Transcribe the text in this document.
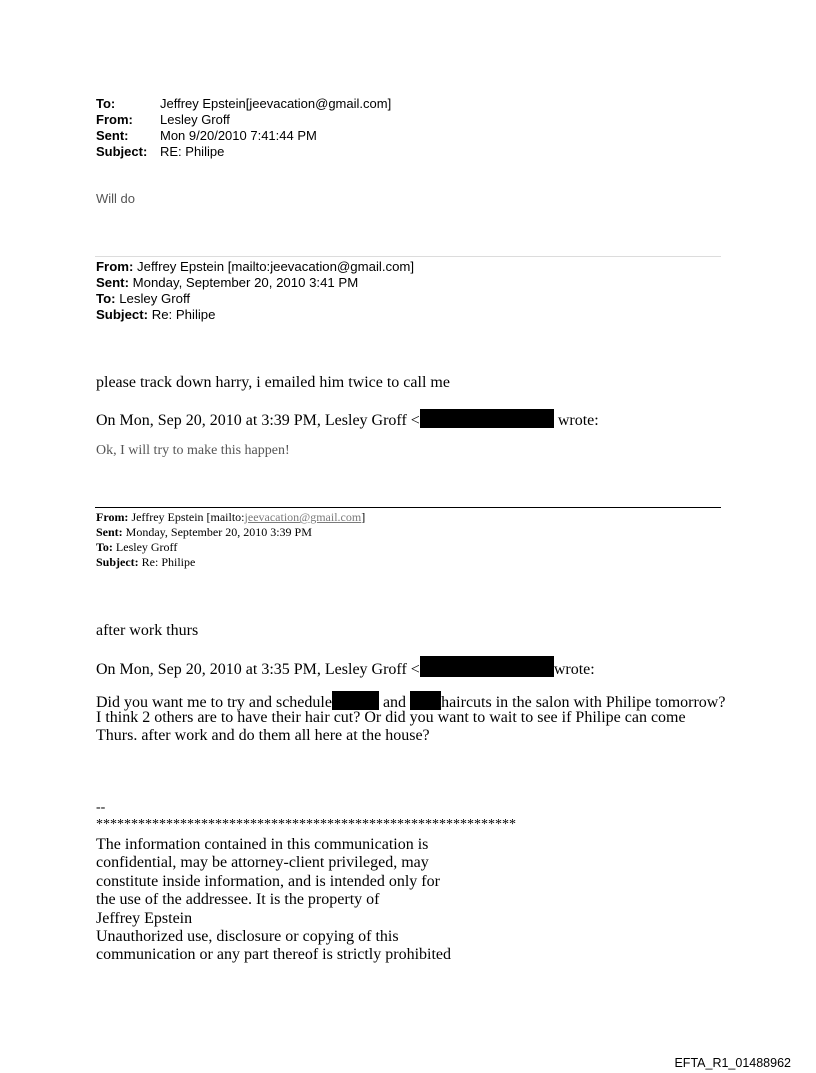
To:	Jeffrey Epstein[jeevacation@gmail.com]
From: Lesley Groff
Sent: Mon 9/20/2010 7:41:44 PM
Subject: RE: Philipe
Will do
From: Jeffrey Epstein [mailto:jeevacation@gmail.com]
Sent: Monday, September 20, 2010 3:41 PM
To: Lesley Groff
Subject: Re: Philipe
please track down harry, i emailed him twice to call me
On Mon, Sep 20, 2010 at 3:39 PM, Lesley Groff <	wrote:
Ok, I will try to make this happen!
From: Jeffrey Epstein [mailto:jeevacation@gmail.com]
Sent: Monday, September 20, 2010 3:39 PM
To: Lesley Groff
Subject: Re: Philipe
after work thurs
On Mon, Sep 20, 2010 at 3:35 PM, Lesley Groff <	wrote:
Did you want me to try and schedule	and haircuts in the salon with Philipe tomorrow?
I think 2 others are to have their hair cut? Or did you want to wait to see if Philipe can come
Thurs. after work and do them all here at the house?
--
************************************************************
The information contained in this communication is
confidential, may be attorney-client privileged, may
constitute inside information, and is intended only for
the use of the addressee. It is the property of
Jeffrey Epstein
Unauthorized use, disclosure or copying of this
communication or any part thereof is strictly prohibited
EFTA_R1_01488962
